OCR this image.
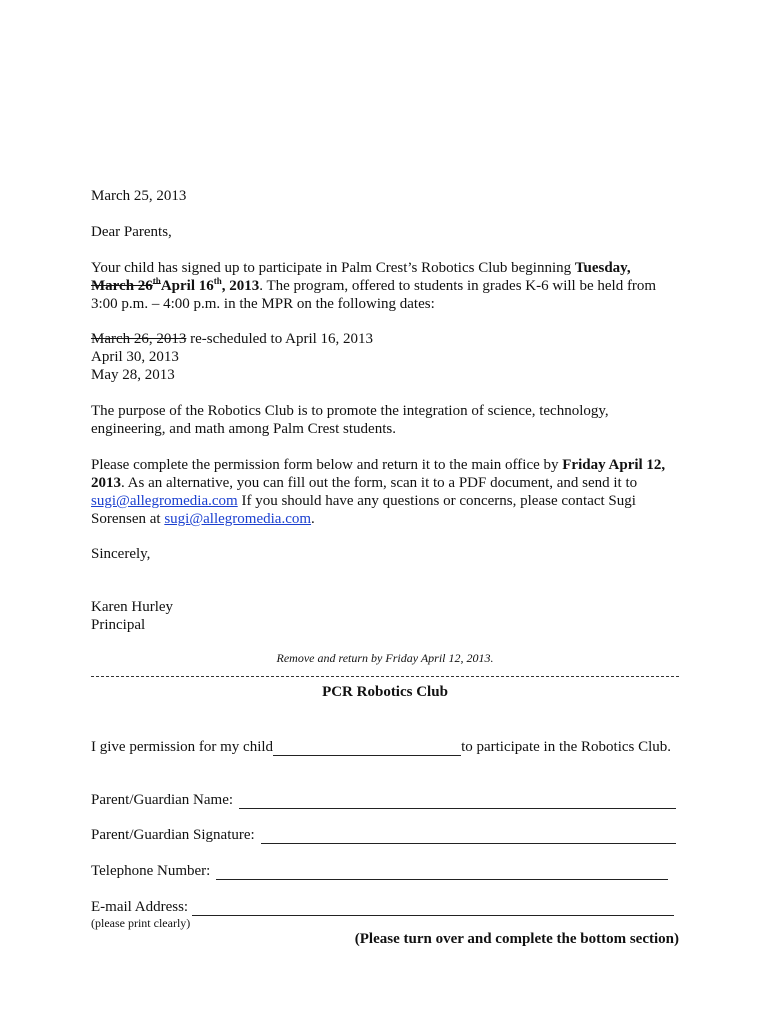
March 25, 2013
Dear Parents,
Your child has signed up to participate in Palm Crest’s Robotics Club beginning Tuesday,
March 26thApril 16th, 2013. The program, offered to students in grades K-6 will be held from
3:00 p.m. – 4:00 p.m. in the MPR on the following dates:
March 26, 2013 re-scheduled to April 16, 2013
April 30, 2013
May 28, 2013
The purpose of the Robotics Club is to promote the integration of science, technology,
engineering, and math among Palm Crest students.
Please complete the permission form below and return it to the main office by Friday April 12,
2013. As an alternative, you can fill out the form, scan it to a PDF document, and send it to
sugi@allegromedia.com If you should have any questions or concerns, please contact Sugi
Sorensen at sugi@allegromedia.com.
Sincerely,
Karen Hurley
Principal
Remove and return by Friday April 12, 2013.
PCR Robotics Club
I give permission for my child	to participate in the Robotics Club.
Parent/Guardian Name:
Parent/Guardian Signature:
Telephone Number:
E-mail Address:
(please print clearly)
(Please turn over and complete the bottom section)
